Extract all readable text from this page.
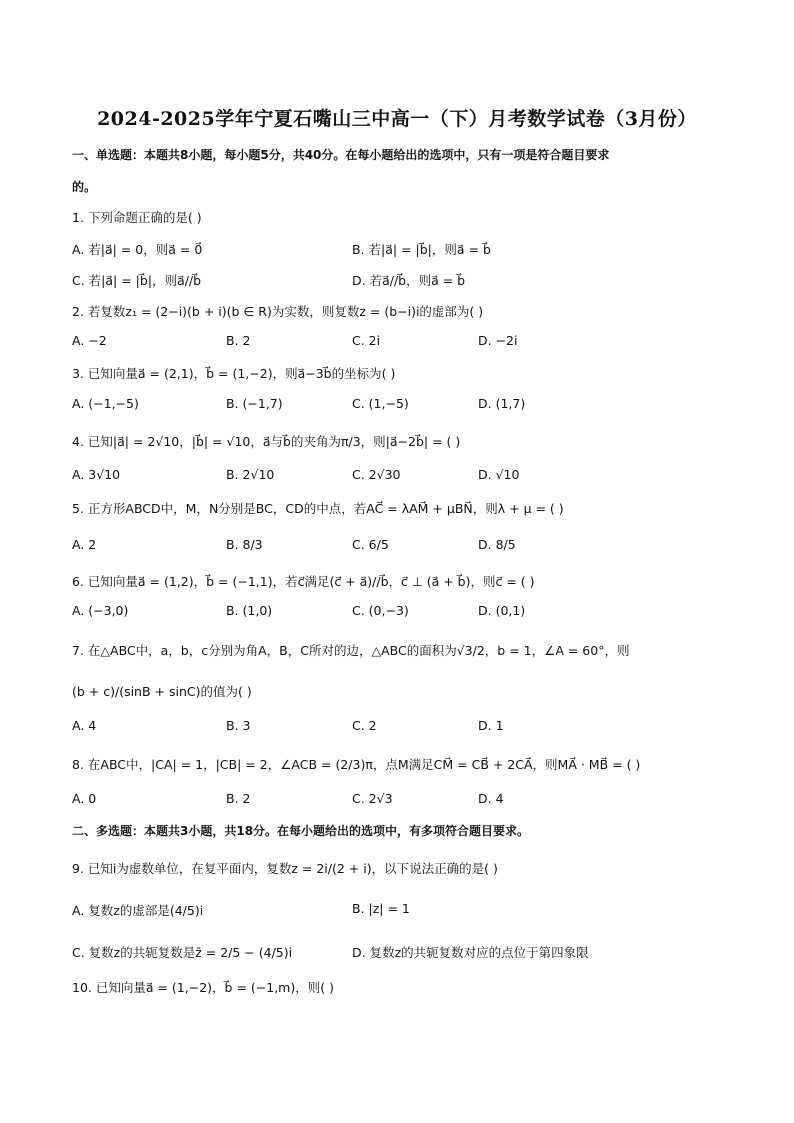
2024-2025学年宁夏石嘴山三中高一（下）月考数学试卷（3月份）
一、单选题：本题共8小题，每小题5分，共40分。在每小题给出的选项中，只有一项是符合题目要求
的。
1. 下列命题正确的是( )
A. 若|a⃗| = 0，则a⃗ = 0⃗	B. 若|a⃗| = |b⃗|，则a⃗ = b⃗
C. 若|a⃗| = |b⃗|，则a⃗//b⃗	D. 若a⃗//b⃗，则a⃗ = b⃗
2. 若复数z₁ = (2−i)(b + i)(b ∈ R)为实数，则复数z = (b−i)i的虚部为( )
A. −2	B. 2	C. 2i	D. −2i
3. 已知向量a⃗ = (2,1)，b⃗ = (1,−2)，则a⃗−3b⃗的坐标为( )
A. (−1,−5)	B. (−1,7)	C. (1,−5)	D. (1,7)
4. 已知|a⃗| = 2√10，|b⃗| = √10，a⃗与b⃗的夹角为π/3，则|a⃗−2b⃗| = ( )
A. 3√10	B. 2√10	C. 2√30	D. √10
5. 正方形ABCD中，M，N分别是BC，CD的中点，若AC⃗ = λAM⃗ + μBN⃗，则λ + μ = ( )
A. 2	B. 8/3	C. 6/5	D. 8/5
6. 已知向量a⃗ = (1,2)，b⃗ = (−1,1)，若c⃗满足(c⃗ + a⃗)//b⃗，c⃗ ⊥ (a⃗ + b⃗)，则c⃗ = ( )
A. (−3,0)	B. (1,0)	C. (0,−3)	D. (0,1)
7. 在△ABC中，a，b，c分别为角A，B，C所对的边，△ABC的面积为√3/2，b = 1，∠A = 60°，则
(b + c)/(sinB + sinC)的值为( )
A. 4	B. 3	C. 2	D. 1
8. 在ABC中，|CA| = 1，|CB| = 2，∠ACB = (2/3)π，点M满足CM⃗ = CB⃗ + 2CA⃗，则MA⃗ · MB⃗ = ( )
A. 0	B. 2	C. 2√3	D. 4
二、多选题：本题共3小题，共18分。在每小题给出的选项中，有多项符合题目要求。
9. 已知i为虚数单位，在复平面内，复数z = 2i/(2 + i)，以下说法正确的是( )
A. 复数z的虚部是(4/5)i	B. |z| = 1
C. 复数z的共轭复数是z̄ = 2/5 − (4/5)i	D. 复数z的共轭复数对应的点位于第四象限
10. 已知向量a⃗ = (1,−2)，b⃗ = (−1,m)，则( )
